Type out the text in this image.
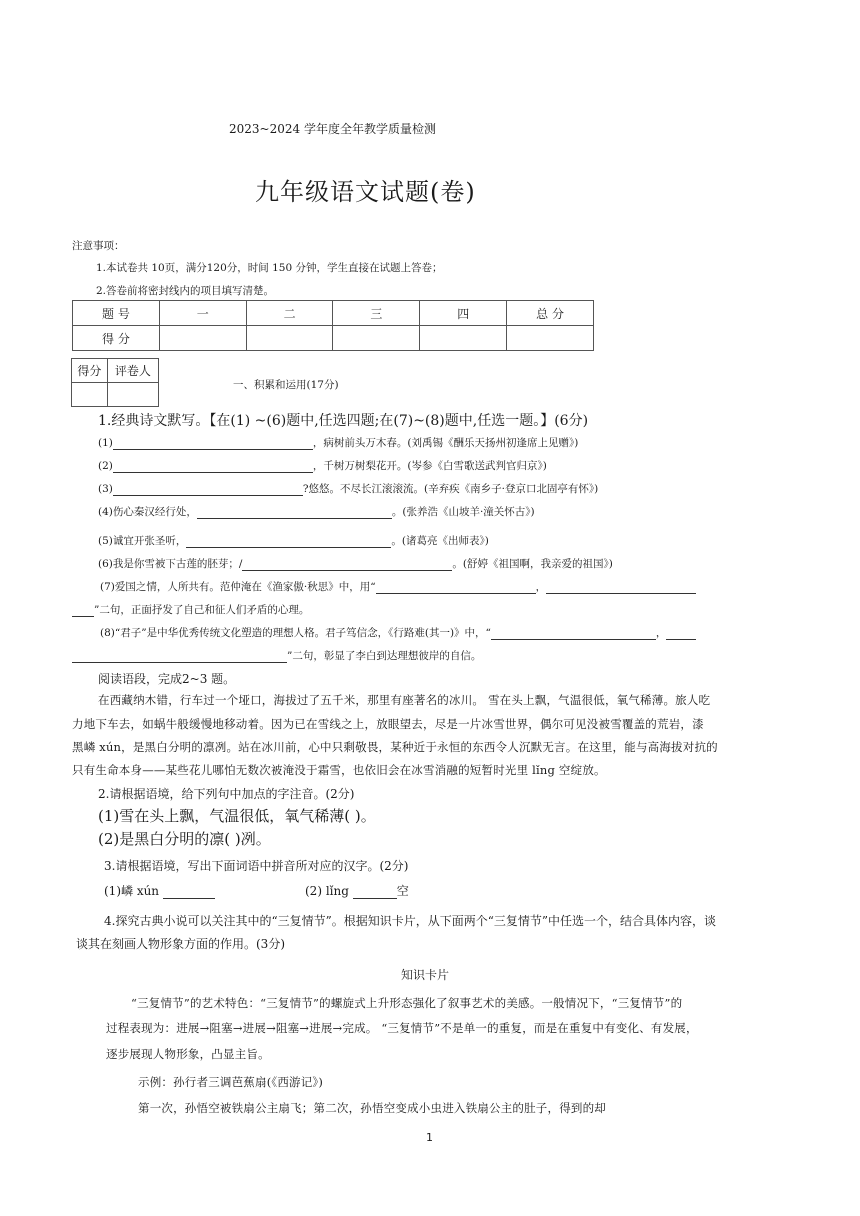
2023~2024 学年度全年教学质量检测
九年级语文试题(卷)
注意事项：
1.本试卷共 10页，满分120分，时间 150 分钟，学生直接在试题上答卷；
2.答卷前将密封线内的项目填写清楚。
题 号	一	二	三	四	总 分
得 分					
得分	评卷人

一、积累和运用(17分)
1.经典诗文默写。【在(1) ~(6)题中,任选四题;在(7)~(8)题中,任选一题。】(6分)
(1)	，病树前头万木春。(刘禹锡《酬乐天扬州初逢席上见赠》)
(2)	，千树万树梨花开。(岑参《白雪歌送武判官归京》)
(3)	?悠悠。不尽长江滚滚流。(辛弃疾《南乡子·登京口北固亭有怀》)
(4)伤心秦汉经行处，	。(张养浩《山坡羊·潼关怀古》)
(5)诚宜开张圣听，	。(诸葛亮《出师表》)
(6)我是你雪被下古莲的胚芽；/	。(舒婷《祖国啊，我亲爱的祖国》)
(7)爱国之情，人所共有。范仲淹在《渔家傲·秋思》中，用“	，
”二句，正面抒发了自己和征人们矛盾的心理。
(8)“君子”是中华优秀传统文化塑造的理想人格。君子笃信念，《行路难(其一)》中，“	，
”二句，彰显了李白到达理想彼岸的自信。
阅读语段，完成2~3 题。
在西藏纳木错，行车过一个垭口，海拔过了五千米，那里有座著名的冰川。 雪在头上飘，气温很低，氧气稀薄。旅人吃
力地下车去，如蜗牛般缓慢地移动着。因为已在雪线之上，放眼望去，尽是一片冰雪世界，偶尔可见没被雪覆盖的荒岩，漆
黑嶙 xún，是黑白分明的凛冽。站在冰川前，心中只剩敬畏，某种近于永恒的东西令人沉默无言。在这里，能与高海拔对抗的
只有生命本身——某些花儿哪怕无数次被淹没于霜雪，也依旧会在冰雪消融的短暂时光里 lǐng 空绽放。
2.请根据语境，给下列句中加点的字注音。(2分)
(1)雪在头上飘，气温很低，氧气稀薄( )。
(2)是黑白分明的凛( )冽。
3.请根据语境，写出下面词语中拼音所对应的汉字。(2分)
(1)嶙 xún	(2) lǐng	空
4.探究古典小说可以关注其中的“三复情节”。根据知识卡片，从下面两个“三复情节”中任选一个，结合具体内容，谈
谈其在刻画人物形象方面的作用。(3分)
知识卡片
“三复情节”的艺术特色：“三复情节”的螺旋式上升形态强化了叙事艺术的美感。一般情况下，“三复情节”的
过程表现为：进展→阻塞→进展→阻塞→进展→完成。 “三复情节”不是单一的重复，而是在重复中有变化、有发展，
逐步展现人物形象，凸显主旨。
示例：孙行者三调芭蕉扇(《西游记》)
第一次，孙悟空被铁扇公主扇飞；第二次，孙悟空变成小虫进入铁扇公主的肚子，得到的却
1
